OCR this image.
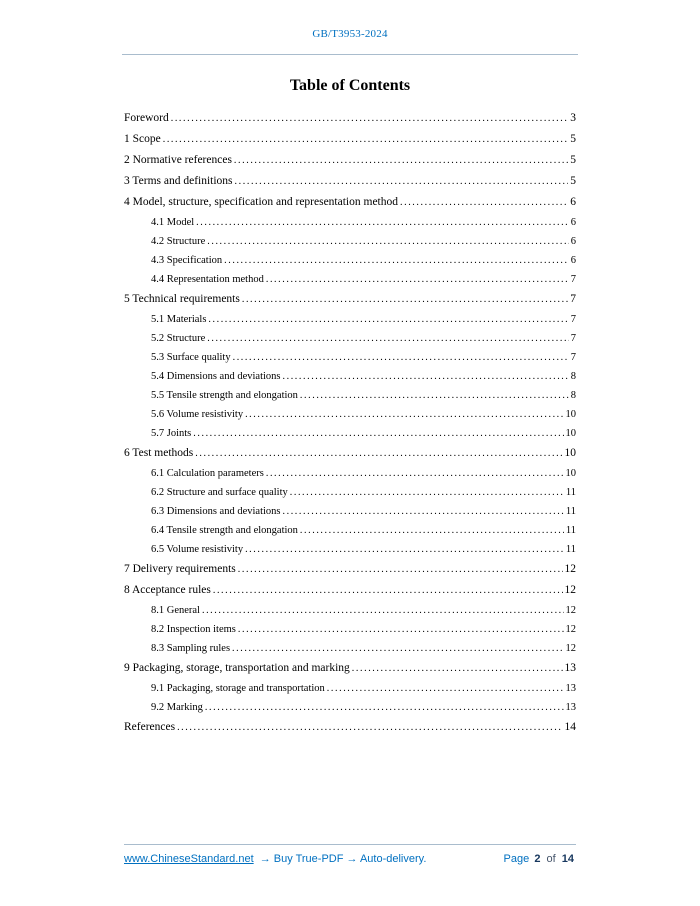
GB/T3953-2024
Table of Contents
Foreword .....	3
1 Scope .....	5
2 Normative references .....	5
3 Terms and definitions .....	5
4 Model, structure, specification and representation method .....	6
4.1 Model .....	6
4.2 Structure .....	6
4.3 Specification .....	6
4.4 Representation method .....	7
5 Technical requirements .....	7
5.1 Materials .....	7
5.2 Structure .....	7
5.3 Surface quality .....	7
5.4 Dimensions and deviations .....	8
5.5 Tensile strength and elongation .....	8
5.6 Volume resistivity .....	10
5.7 Joints .....	10
6 Test methods .....	10
6.1 Calculation parameters .....	10
6.2 Structure and surface quality .....	11
6.3 Dimensions and deviations .....	11
6.4 Tensile strength and elongation .....	11
6.5 Volume resistivity .....	11
7 Delivery requirements .....	12
8 Acceptance rules .....	12
8.1 General .....	12
8.2 Inspection items .....	12
8.3 Sampling rules .....	12
9 Packaging, storage, transportation and marking .....	13
9.1 Packaging, storage and transportation .....	13
9.2 Marking .....	13
References .....	14
www.ChineseStandard.net → Buy True-PDF → Auto-delivery.	Page 2 of 14
